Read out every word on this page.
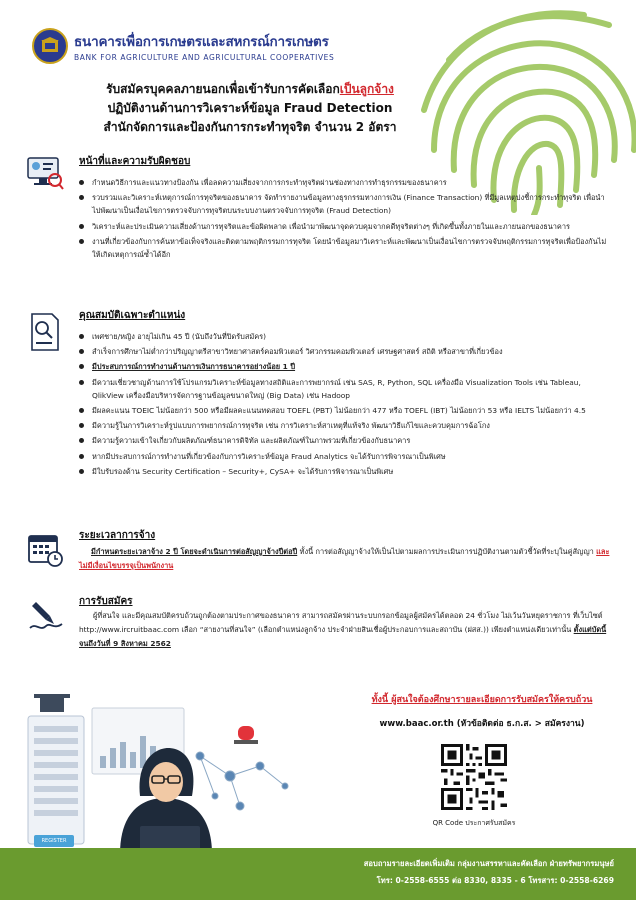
ธนาคารเพื่อการเกษตรและสหกรณ์การเกษตร
BANK FOR AGRICULTURE AND AGRICULTURAL COOPERATIVES
รับสมัครบุคคลภายนอกเพื่อเข้ารับการคัดเลือกเป็นลูกจ้าง
ปฏิบัติงานด้านการวิเคราะห์ข้อมูล Fraud Detection
สำนักจัดการและป้องกันการกระทำทุจริต จำนวน 2 อัตรา
หน้าที่และความรับผิดชอบ
กำหนดวิธีการและแนวทางป้องกัน เพื่อลดความเสี่ยงจากการกระทำทุจริตผ่านช่องทางการทำธุรกรรมของธนาคาร
รวบรวมและวิเคราะห์เหตุการณ์การทุจริตของธนาคาร จัดทำรายงานข้อมูลทางธุรกรรมทางการเงิน (Finance Transaction) ที่มีมูลเหตุบ่งชี้การกระทำทุจริต เพื่อนำไปพัฒนาเป็นเงื่อนไขการตรวจจับการทุจริตบนระบบงานตรวจจับการทุจริต (Fraud Detection)
วิเคราะห์และประเมินความเสี่ยงด้านการทุจริตและข้อผิดพลาด เพื่อนำมาพัฒนาจุดควบคุมจากคดีทุจริตต่างๆ ที่เกิดขึ้นทั้งภายในและภายนอกของธนาคาร
งานที่เกี่ยวข้องกับการค้นหาข้อเท็จจริงและติดตามพฤติกรรมการทุจริต โดยนำข้อมูลมาวิเคราะห์และพัฒนาเป็นเงื่อนไขการตรวจจับพฤติกรรมการทุจริตเพื่อป้องกันไม่ให้เกิดเหตุการณ์ซ้ำได้อีก
คุณสมบัติเฉพาะตำแหน่ง
เพศชาย/หญิง อายุไม่เกิน 45 ปี (นับถึงวันที่ปิดรับสมัคร)
สำเร็จการศึกษาไม่ต่ำกว่าปริญญาตรีสาขาวิทยาศาสตร์คอมพิวเตอร์ วิศวกรรมคอมพิวเตอร์ เศรษฐศาสตร์ สถิติ หรือสาขาที่เกี่ยวข้อง
มีประสบการณ์การทำงานด้านการเงินการธนาคารอย่างน้อย 1 ปี
มีความเชี่ยวชาญด้านการใช้โปรแกรมวิเคราะห์ข้อมูลทางสถิติและการพยากรณ์ เช่น SAS, R, Python, SQL เครื่องมือ Visualization Tools เช่น Tableau, QlikView เครื่องมือบริหารจัดการฐานข้อมูลขนาดใหญ่ (Big Data) เช่น Hadoop
มีผลคะแนน TOEIC ไม่น้อยกว่า 500 หรือมีผลคะแนนทดสอบ TOEFL (PBT) ไม่น้อยกว่า 477 หรือ TOEFL (IBT) ไม่น้อยกว่า 53 หรือ IELTS ไม่น้อยกว่า 4.5
มีความรู้ในการวิเคราะห์รูปแบบการพยากรณ์การทุจริต เช่น การวิเคราะห์สาเหตุที่แท้จริง พัฒนาวิธีแก้ไขและควบคุมการฉ้อโกง
มีความรู้ความเข้าใจเกี่ยวกับผลิตภัณฑ์ธนาคารดิจิทัล และผลิตภัณฑ์ในภาพรวมที่เกี่ยวข้องกับธนาคาร
หากมีประสบการณ์การทำงานที่เกี่ยวข้องกับการวิเคราะห์ข้อมูล Fraud Analytics จะได้รับการพิจารณาเป็นพิเศษ
มีใบรับรองด้าน Security Certification – Security+, CySA+ จะได้รับการพิจารณาเป็นพิเศษ
ระยะเวลาการจ้าง
มีกำหนดระยะเวลาจ้าง 2 ปี โดยจะดำเนินการต่อสัญญาจ้างปีต่อปี ทั้งนี้ การต่อสัญญาจ้างให้เป็นไปตามผลการประเมินการปฏิบัติงานตามตัวชี้วัดที่ระบุในคู่สัญญา และไม่มีเงื่อนไขบรรจุเป็นพนักงาน
การรับสมัคร
ผู้ที่สนใจ และมีคุณสมบัติครบถ้วนถูกต้องตามประกาศของธนาคาร สามารถสมัครผ่านระบบกรอกข้อมูลผู้สมัครได้ตลอด 24 ชั่วโมง ไม่เว้นวันหยุดราชการ ที่เว็บไซต์ http://www.ircruitbaac.com เลือก “สายงานที่สนใจ” (เลือกตำแหน่งลูกจ้าง ประจำฝ่ายสินเชื่อผู้ประกอบการและสถาบัน (ฝสส.)) เพียงตำแหน่งเดียวเท่านั้น ตั้งแต่บัดนี้จนถึงวันที่ 9 สิงหาคม 2562
REGISTER
ทั้งนี้ ผู้สนใจต้องศึกษารายละเอียดการรับสมัครให้ครบถ้วน
www.baac.or.th (หัวข้อติดต่อ ธ.ก.ส. > สมัครงาน)
QR Code ประกาศรับสมัคร
สอบถามรายละเอียดเพิ่มเติม กลุ่มงานสรรหาและคัดเลือก ฝ่ายทรัพยากรมนุษย์
โทร: 0-2558-6555 ต่อ 8330, 8335 - 6 โทรสาร: 0-2558-6269
